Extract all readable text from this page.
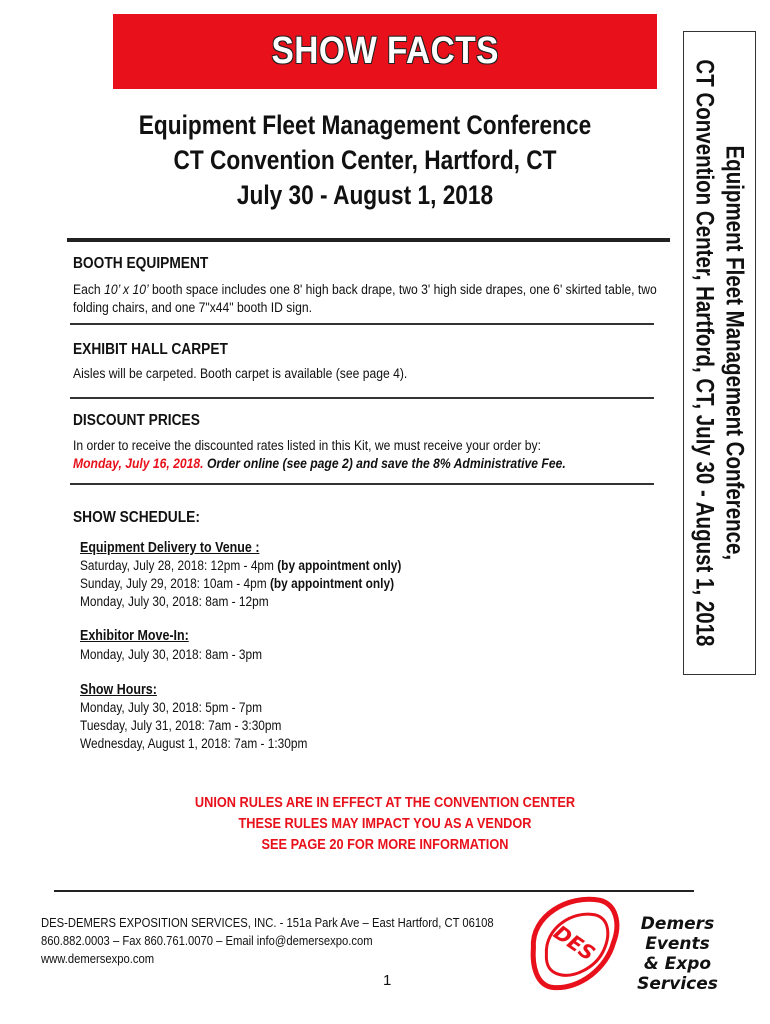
SHOW FACTS
Equipment Fleet Management Conference,
CT Convention Center, Hartford, CT, July 30 - August 1, 2018
Equipment Fleet Management Conference
CT Convention Center, Hartford, CT
July 30 - August 1, 2018
BOOTH EQUIPMENT
Each 10’ x 10’ booth space includes one 8' high back drape, two 3' high side drapes, one 6' skirted table, two
folding chairs, and one 7"x44" booth ID sign.
EXHIBIT HALL CARPET
Aisles will be carpeted. Booth carpet is available (see page 4).
DISCOUNT PRICES
In order to receive the discounted rates listed in this Kit, we must receive your order by:
Monday, July 16, 2018. Order online (see page 2) and save the 8% Administrative Fee.
SHOW SCHEDULE:
Equipment Delivery to Venue :
Saturday, July 28, 2018: 12pm - 4pm (by appointment only)
Sunday, July 29, 2018: 10am - 4pm (by appointment only)
Monday, July 30, 2018: 8am - 12pm
Exhibitor Move-In:
Monday, July 30, 2018: 8am - 3pm
Show Hours:
Monday, July 30, 2018: 5pm - 7pm
Tuesday, July 31, 2018: 7am - 3:30pm
Wednesday, August 1, 2018: 7am - 1:30pm
UNION RULES ARE IN EFFECT AT THE CONVENTION CENTER
THESE RULES MAY IMPACT YOU AS A VENDOR
SEE PAGE 20 FOR MORE INFORMATION
DES-DEMERS EXPOSITION SERVICES, INC. - 151a Park Ave – East Hartford, CT 06108
860.882.0003 – Fax 860.761.0070 – Email info@demersexpo.com
www.demersexpo.com
1
DES	Demers
Events
& Expo
Services
